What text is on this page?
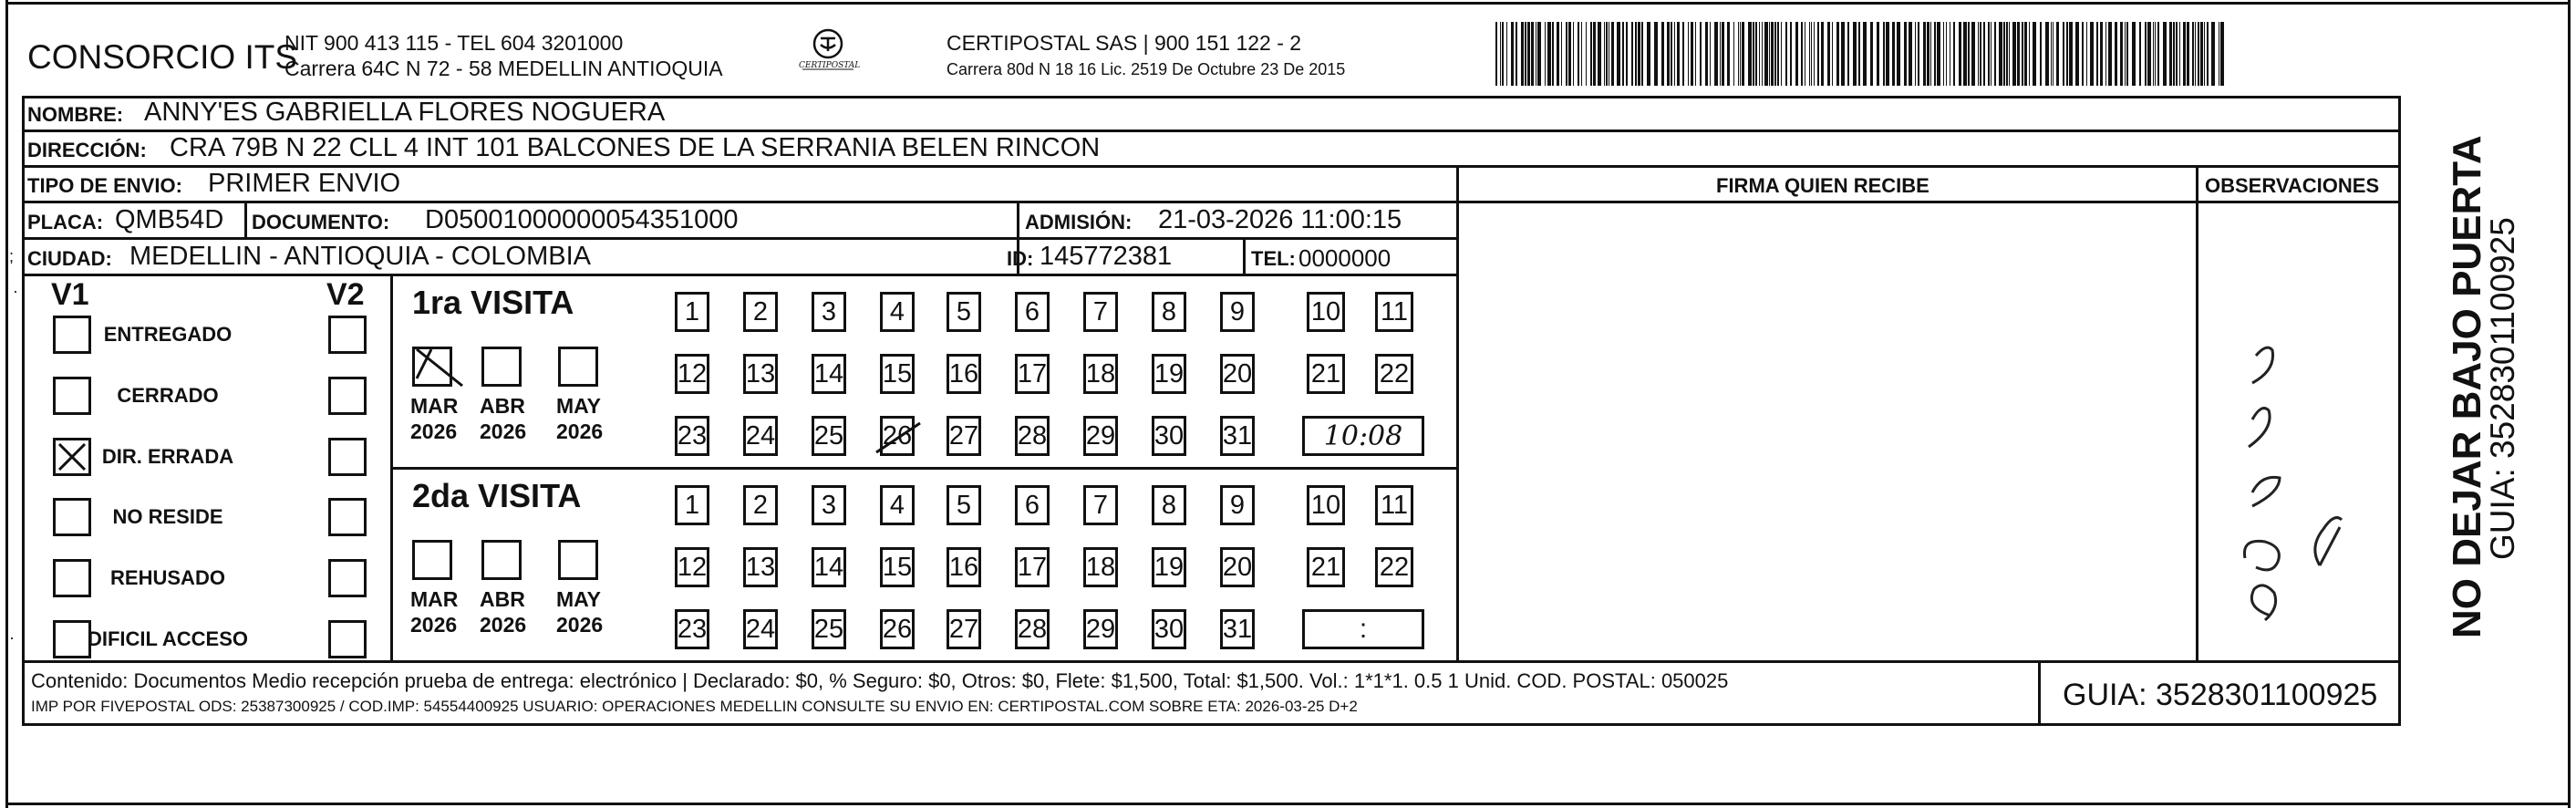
CONSORCIO ITS
NIT 900 413 115 - TEL 604 3201000
Carrera 64C N 72 - 58 MEDELLIN ANTIOQUIA	CERTIPOSTAL
CERTIPOSTAL SAS | 900 151 122 - 2
Carrera 80d N 18 16 Lic. 2519 De Octubre 23 De 2015
NOMBRE: ANNY'ES GABRIELLA FLORES NOGUERA
DIRECCIÓN: CRA 79B N 22 CLL 4 INT 101 BALCONES DE LA SERRANIA BELEN RINCON
TIPO DE ENVIO: PRIMER ENVIO	FIRMA QUIEN RECIBE	OBSERVACIONES
PLACA: QMB54D DOCUMENTO: D05001000000054351000	ADMISIÓN: 21-03-2026 11:00:15
CIUDAD: MEDELLIN - ANTIOQUIA - COLOMBIA	ID: 145772381	TEL: 0000000
V1	V2
ENTREGADO
CERRADO
DIR. ERRADA
NO RESIDE
REHUSADO
DIFICIL ACCESO
1ra VISITA
MAR
2026
ABR
2026
MAY
2026
1	2	3	4	5	6	7	8	9	10 11
12 13 14 15 16 17 18 19 20 21 22
23 24 25 26 27 28 29 30 31	10:08
2da VISITA
MAR
2026
ABR
2026
MAY
2026
1	2	3	4	5	6	7	8	9	10 11
12 13 14 15 16 17 18 19 20 21 22
23 24 25 26 27 28 29 30 31	:
Contenido: Documentos Medio recepción prueba de entrega: electrónico | Declarado: $0, % Seguro: $0, Otros: $0, Flete: $1,500, Total: $1,500. Vol.: 1*1*1. 0.5 1 Unid. COD. POSTAL: 050025
IMP POR FIVEPOSTAL ODS: 25387300925 / COD.IMP: 54554400925 USUARIO: OPERACIONES MEDELLIN CONSULTE SU ENVIO EN: CERTIPOSTAL.COM SOBRE ETA: 2026-03-25 D+2	GUIA: 3528301100925
NO DEJAR BAJO PUERTA
GUIA: 3528301100925
;
·
·
